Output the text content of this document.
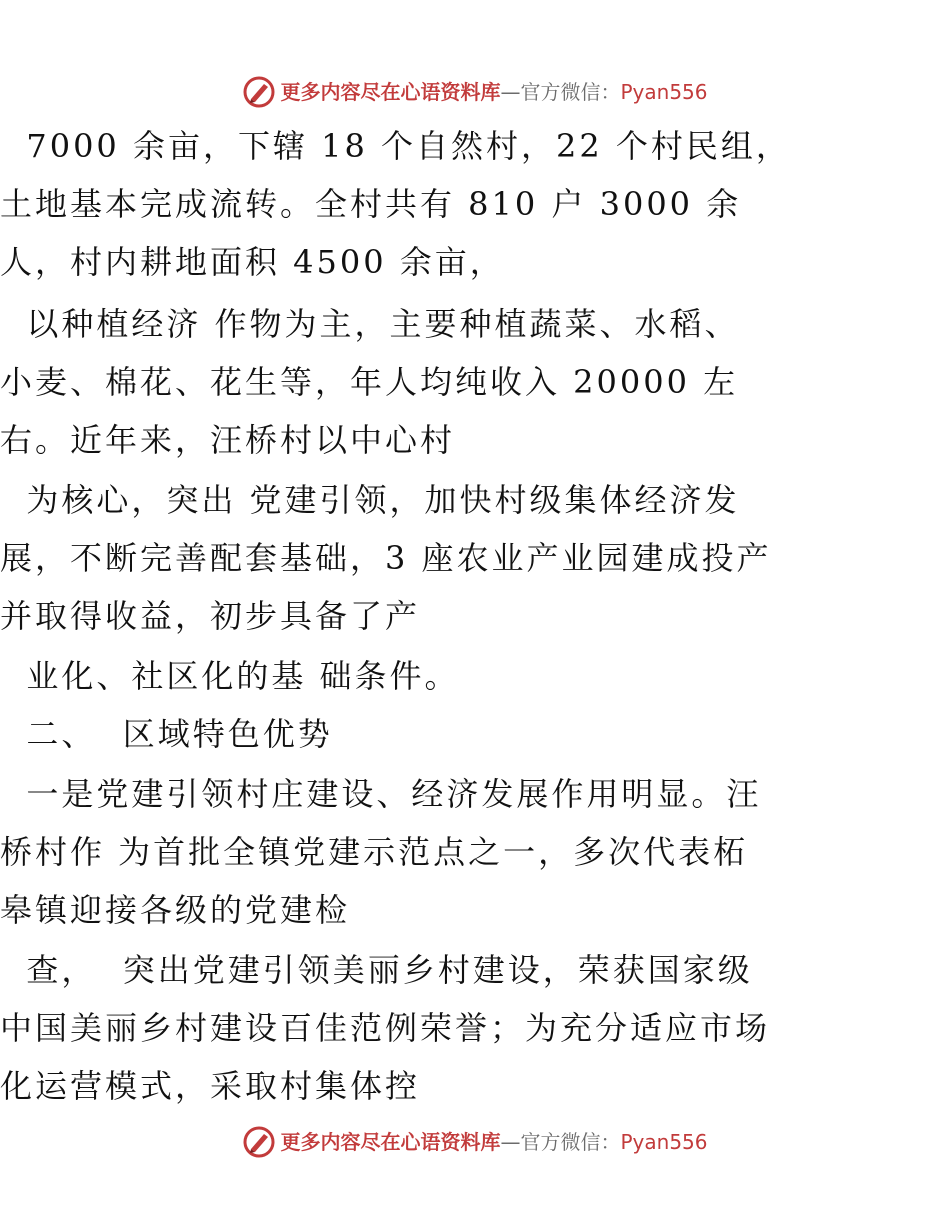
更多内容尽在心语资料库 — 官方微信： Pyan556
7000 余亩，下辖 18 个自然村，22 个村民组，
土地基本完成流转。全村共有 810 户 3000 余
人，村内耕地面积 4500 余亩，
以种植经济 作物为主，主要种植蔬菜、水稻、
小麦、棉花、花生等，年人均纯收入 20000 左
右。近年来，汪桥村以中心村
为核心，突出 党建引领，加快村级集体经济发
展，不断完善配套基础，3 座农业产业园建成投产
并取得收益，初步具备了产
业化、社区化的基 础条件。
二、  区域特色优势
一是党建引领村庄建设、经济发展作用明显。汪
桥村作 为首批全镇党建示范点之一，多次代表柘
皋镇迎接各级的党建检
查，  突出党建引领美丽乡村建设，荣获国家级
中国美丽乡村建设百佳范例荣誉；为充分适应市场
化运营模式，采取村集体控
更多内容尽在心语资料库 — 官方微信： Pyan556
